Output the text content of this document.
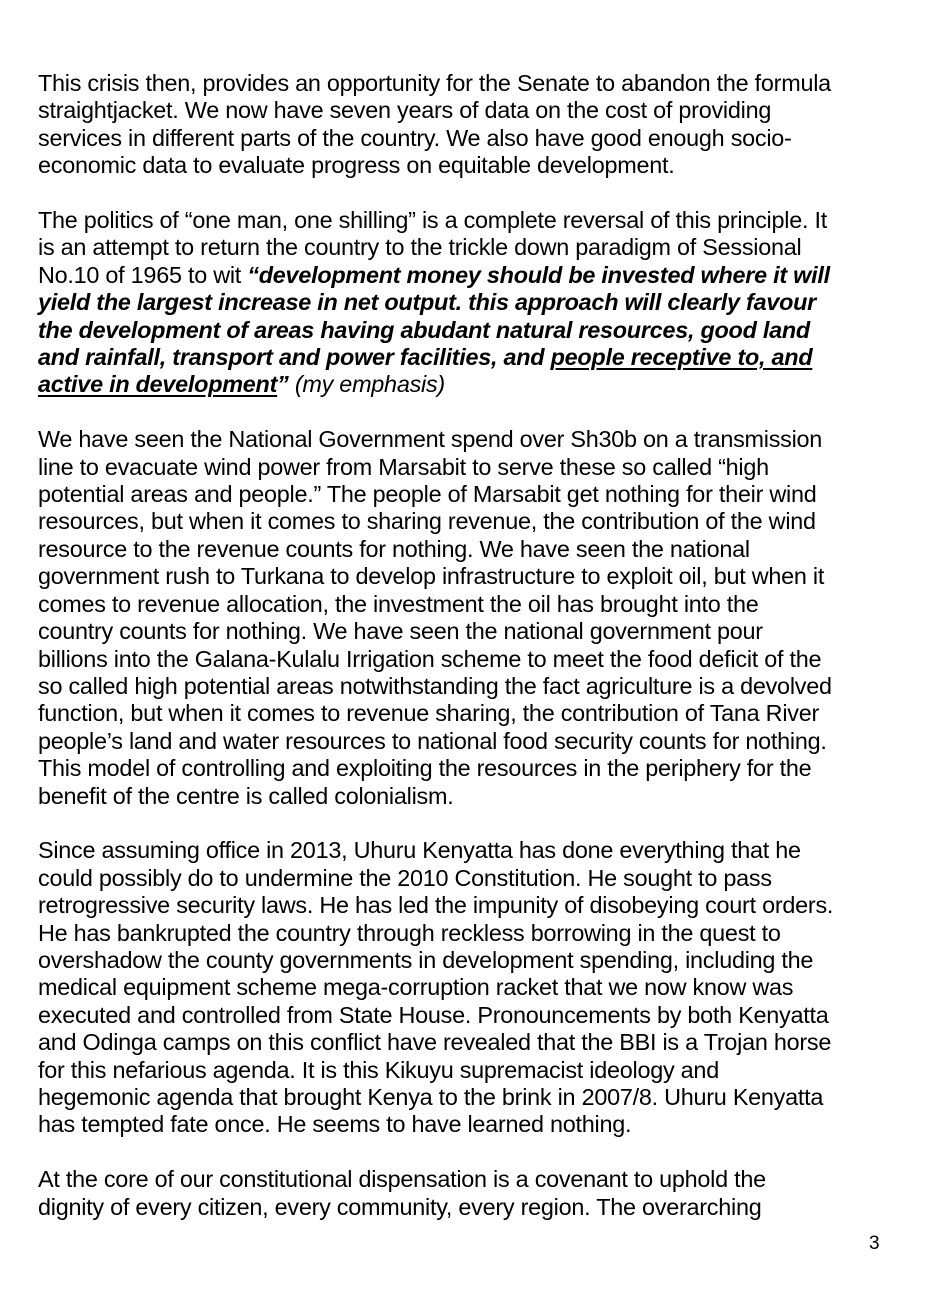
This crisis then, provides an opportunity for the Senate to abandon the formula
straightjacket. We now have seven years of data on the cost of providing
services in different parts of the country. We also have good enough socio-
economic data to evaluate progress on equitable development.

The politics of “one man, one shilling” is a complete reversal of this principle. It
is an attempt to return the country to the trickle down paradigm of Sessional
No.10 of 1965 to wit “development money should be invested where it will
yield the largest increase in net output. this approach will clearly favour
the development of areas having abudant natural resources, good land
and rainfall, transport and power facilities, and people receptive to, and
active in development” (my emphasis)

We have seen the National Government spend over Sh30b on a transmission
line to evacuate wind power from Marsabit to serve these so called “high
potential areas and people.” The people of Marsabit get nothing for their wind
resources, but when it comes to sharing revenue, the contribution of the wind
resource to the revenue counts for nothing. We have seen the national
government rush to Turkana to develop infrastructure to exploit oil, but when it
comes to revenue allocation, the investment the oil has brought into the
country counts for nothing. We have seen the national government pour
billions into the Galana-Kulalu Irrigation scheme to meet the food deficit of the
so called high potential areas notwithstanding the fact agriculture is a devolved
function, but when it comes to revenue sharing, the contribution of Tana River
people’s land and water resources to national food security counts for nothing.
This model of controlling and exploiting the resources in the periphery for the
benefit of the centre is called colonialism.

Since assuming office in 2013, Uhuru Kenyatta has done everything that he
could possibly do to undermine the 2010 Constitution. He sought to pass
retrogressive security laws. He has led the impunity of disobeying court orders.
He has bankrupted the country through reckless borrowing in the quest to
overshadow the county governments in development spending, including the
medical equipment scheme mega-corruption racket that we now know was
executed and controlled from State House. Pronouncements by both Kenyatta
and Odinga camps on this conflict have revealed that the BBI is a Trojan horse
for this nefarious agenda. It is this Kikuyu supremacist ideology and
hegemonic agenda that brought Kenya to the brink in 2007/8. Uhuru Kenyatta
has tempted fate once. He seems to have learned nothing.

At the core of our constitutional dispensation is a covenant to uphold the
dignity of every citizen, every community, every region. The overarching

3
